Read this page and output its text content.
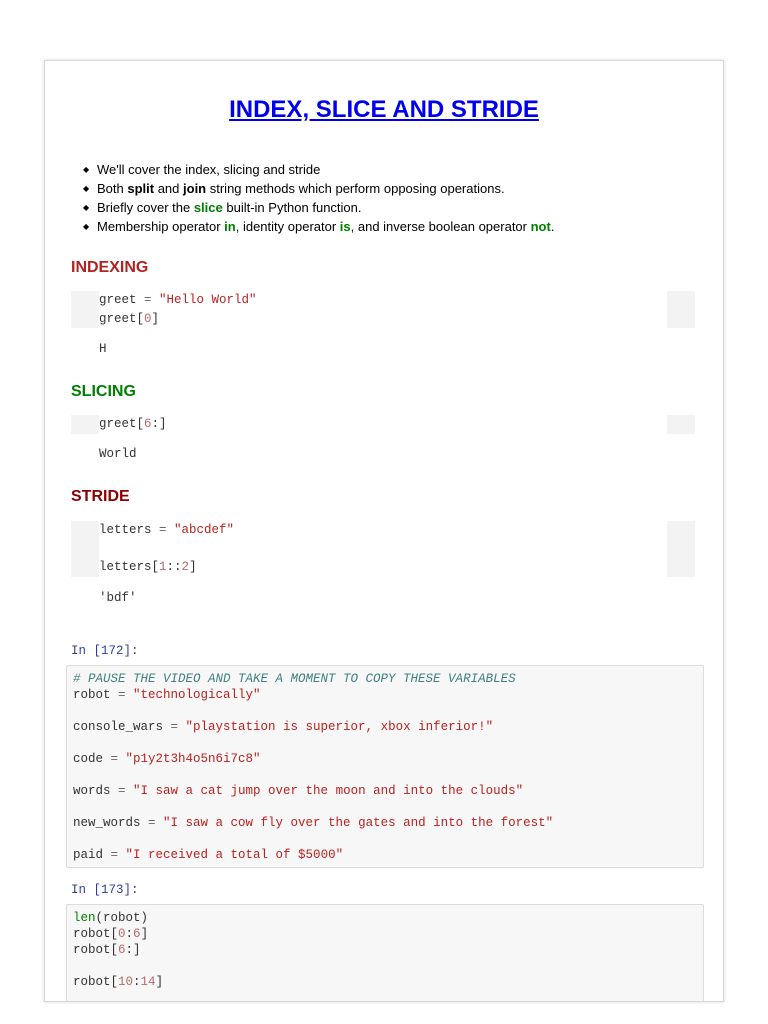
INDEX, SLICE AND STRIDE
◆ We'll cover the index, slicing and stride
◆ Both split and join string methods which perform opposing operations.
◆ Briefly cover the slice built-in Python function.
◆ Membership operator in, identity operator is, and inverse boolean operator not.
INDEXING
greet = "Hello World"
greet[0]
H
SLICING
greet[6:]
World
STRIDE
letters = "abcdef"

letters[1::2]
'bdf'
In [172]:
# PAUSE THE VIDEO AND TAKE A MOMENT TO COPY THESE VARIABLES
robot = "technologically"

console_wars = "playstation is superior, xbox inferior!"

code = "p1y2t3h4o5n6i7c8"

words = "I saw a cat jump over the moon and into the clouds"

new_words = "I saw a cow fly over the gates and into the forest"

paid = "I received a total of $5000"
In [173]:
len(robot)
robot[0:6]
robot[6:]

robot[10:14]
